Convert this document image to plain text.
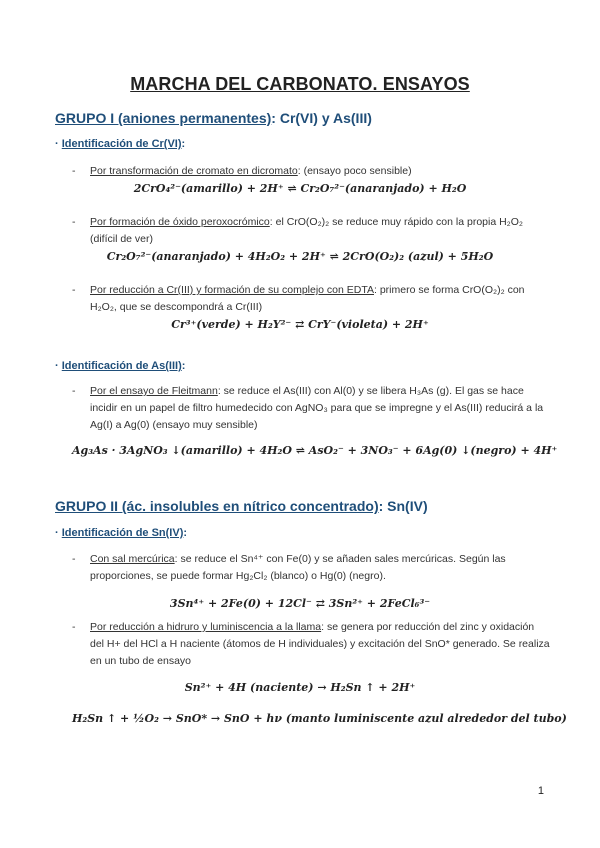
MARCHA DEL CARBONATO. ENSAYOS
GRUPO I (aniones permanentes): Cr(VI) y As(III)
· Identificación de Cr(VI):
- Por transformación de cromato en dicromato: (ensayo poco sensible)
2CrO₄²⁻(amarillo) + 2H⁺ ⇌ Cr₂O₇²⁻(anaranjado) + H₂O
- Por formación de óxido peroxocrómico: el CrO(O₂)₂ se reduce muy rápido con la propia H₂O₂ (difícil de ver)
Cr₂O₇²⁻(anaranjado) + 4H₂O₂ + 2H⁺ ⇌ 2CrO(O₂)₂ (azul) + 5H₂O
- Por reducción a Cr(III) y formación de su complejo con EDTA: primero se forma CrO(O₂)₂ con H₂O₂, que se descompondrá a Cr(III)
Cr³⁺(verde) + H₂Y²⁻ ⇄ CrY⁻(violeta) + 2H⁺
· Identificación de As(III):
- Por el ensayo de Fleitmann: se reduce el As(III) con Al(0) y se libera H₃As (g). El gas se hace incidir en un papel de filtro humedecido con AgNO₃ para que se impregne y el As(III) reducirá a la Ag(I) a Ag(0) (ensayo muy sensible)
Ag₃As · 3AgNO₃ ↓(amarillo) + 4H₂O ⇌ AsO₂⁻ + 3NO₃⁻ + 6Ag(0) ↓(negro) + 4H⁺
GRUPO II (ác. insolubles en nítrico concentrado): Sn(IV)
· Identificación de Sn(IV):
- Con sal mercúrica: se reduce el Sn⁴⁺ con Fe(0) y se añaden sales mercúricas. Según las proporciones, se puede formar Hg₂Cl₂ (blanco) o Hg(0) (negro).
3Sn⁴⁺ + 2Fe(0) + 12Cl⁻ ⇄ 3Sn²⁺ + 2FeCl₆³⁻
- Por reducción a hidruro y luminiscencia a la llama: se genera por reducción del zinc y oxidación del H+ del HCl a H naciente (átomos de H individuales) y excitación del SnO* generado. Se realiza en un tubo de ensayo
Sn²⁺ + 4H (naciente) → H₂Sn ↑ + 2H⁺
H₂Sn ↑ + ½O₂ → SnO* → SnO + hν (manto luminiscente azul alrededor del tubo)
1
